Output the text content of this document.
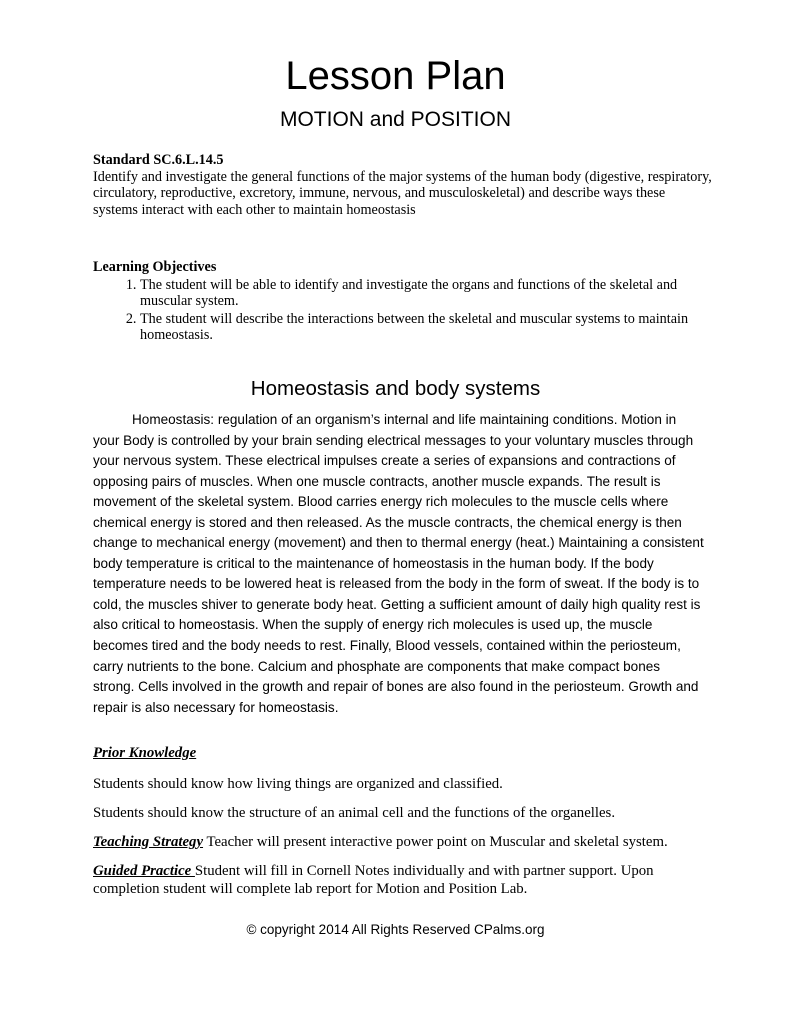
Lesson Plan
MOTION and POSITION
Standard SC.6.L.14.5
Identify and investigate the general functions of the major systems of the human body (digestive, respiratory, circulatory, reproductive, excretory, immune, nervous, and musculoskeletal) and describe ways these systems interact with each other to maintain homeostasis
Learning Objectives
1. The student will be able to identify and investigate the organs and functions of the skeletal and muscular system.
2. The student will describe the interactions between the skeletal and muscular systems to maintain homeostasis.
Homeostasis and body systems

Homeostasis: regulation of an organism’s internal and life maintaining conditions. Motion in your Body is controlled by your brain sending electrical messages to your voluntary muscles through your nervous system. These electrical impulses create a series of expansions and contractions of opposing pairs of muscles. When one muscle contracts, another muscle expands. The result is movement of the skeletal system. Blood carries energy rich molecules to the muscle cells where chemical energy is stored and then released. As the muscle contracts, the chemical energy is then change to mechanical energy (movement) and then to thermal energy (heat.) Maintaining a consistent body temperature is critical to the maintenance of homeostasis in the human body. If the body temperature needs to be lowered heat is released from the body in the form of sweat. If the body is to cold, the muscles shiver to generate body heat. Getting a sufficient amount of daily high quality rest is also critical to homeostasis. When the supply of energy rich molecules is used up, the muscle becomes tired and the body needs to rest. Finally, Blood vessels, contained within the periosteum, carry nutrients to the bone. Calcium and phosphate are components that make compact bones strong. Cells involved in the growth and repair of bones are also found in the periosteum. Growth and repair is also necessary for homeostasis.

Prior Knowledge

Students should know how living things are organized and classified.

Students should know the structure of an animal cell and the functions of the organelles.

Teaching Strategy Teacher will present interactive power point on Muscular and skeletal system.

Guided Practice Student will fill in Cornell Notes individually and with partner support. Upon completion student will complete lab report for Motion and Position Lab.

© copyright 2014 All Rights Reserved CPalms.org
